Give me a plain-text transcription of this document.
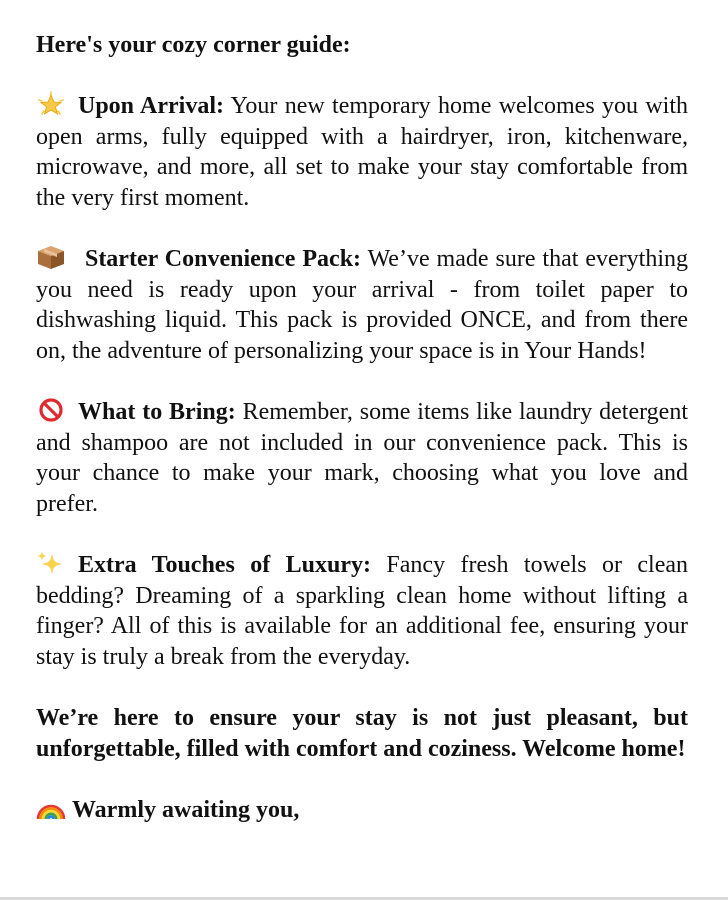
Here's your cozy corner guide:

Upon Arrival: Your new temporary home welcomes you with open arms, fully equipped with a hairdryer, iron, kitchenware, microwave, and more, all set to make your stay comfortable from the very first moment.

Starter Convenience Pack: We’ve made sure that everything you need is ready upon your arrival - from toilet paper to dishwashing liquid. This pack is provided ONCE, and from there on, the adventure of personalizing your space is in Your Hands!

What to Bring: Remember, some items like laundry detergent and shampoo are not included in our convenience pack. This is your chance to make your mark, choosing what you love and prefer.

Extra Touches of Luxury: Fancy fresh towels or clean bedding? Dreaming of a sparkling clean home without lifting a finger? All of this is available for an additional fee, ensuring your stay is truly a break from the everyday.

We’re here to ensure your stay is not just pleasant, but unforgettable, filled with comfort and coziness. Welcome home!

Warmly awaiting you,
